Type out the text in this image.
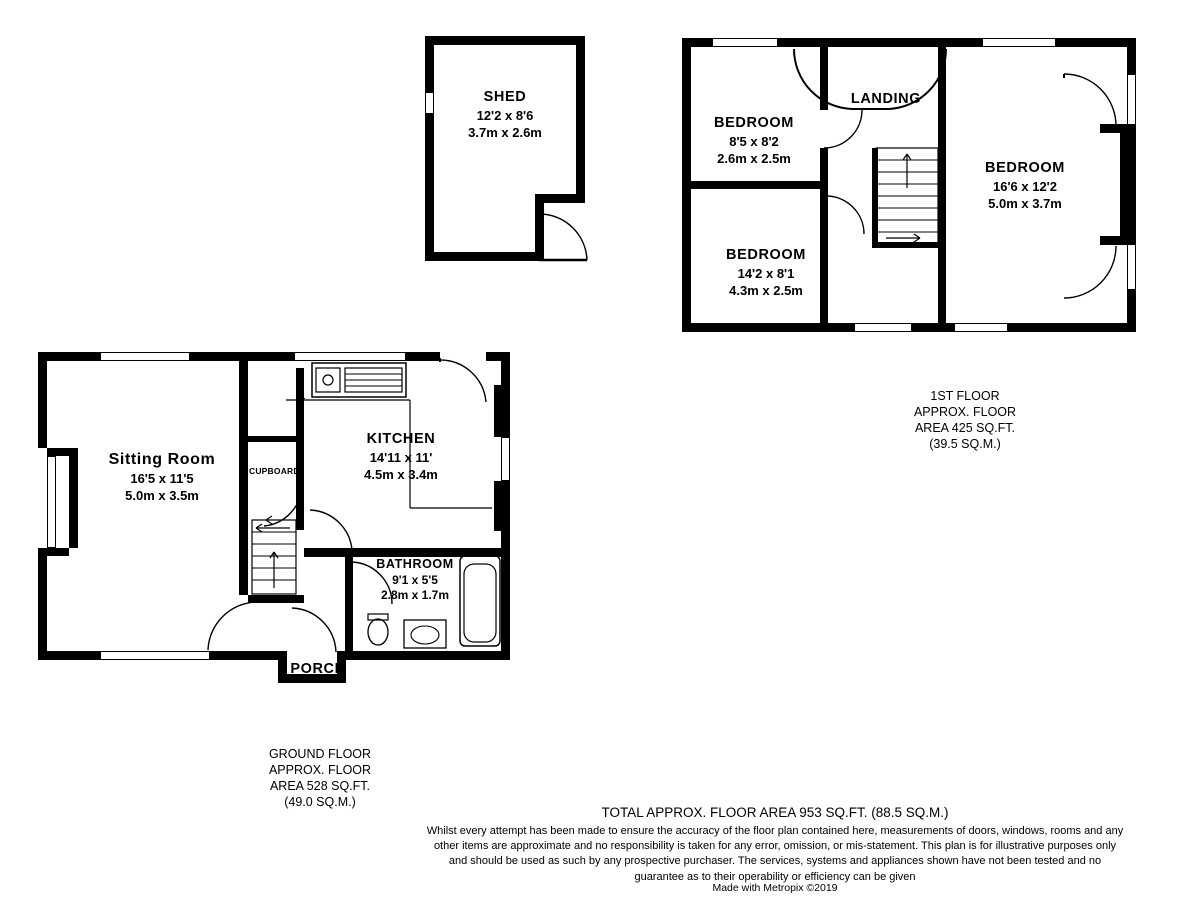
SHED
12'2 x 8'6
3.7m x 2.6m
BEDROOM
8'5 x 8'2
2.6m x 2.5m
BEDROOM
14'2 x 8'1
4.3m x 2.5m
BEDROOM
16'6 x 12'2
5.0m x 3.7m
LANDING
1ST FLOOR
APPROX. FLOOR
AREA 425 SQ.FT.
(39.5 SQ.M.)
Sitting Room
16'5 x 11'5
5.0m x 3.5m
KITCHEN
14'11 x 11'
4.5m x 3.4m
BATHROOM
9'1 x 5'5
2.8m x 1.7m
CUPBOARD
PORCH
GROUND FLOOR
APPROX. FLOOR
AREA 528 SQ.FT.
(49.0 SQ.M.)
TOTAL APPROX. FLOOR AREA 953 SQ.FT. (88.5 SQ.M.)
Whilst every attempt has been made to ensure the accuracy of the floor plan contained here, measurements of doors, windows, rooms and any other items are approximate and no responsibility is taken for any error, omission, or mis-statement. This plan is for illustrative purposes only and should be used as such by any prospective purchaser. The services, systems and appliances shown have not been tested and no guarantee as to their operability or efficiency can be given
Made with Metropix ©2019
